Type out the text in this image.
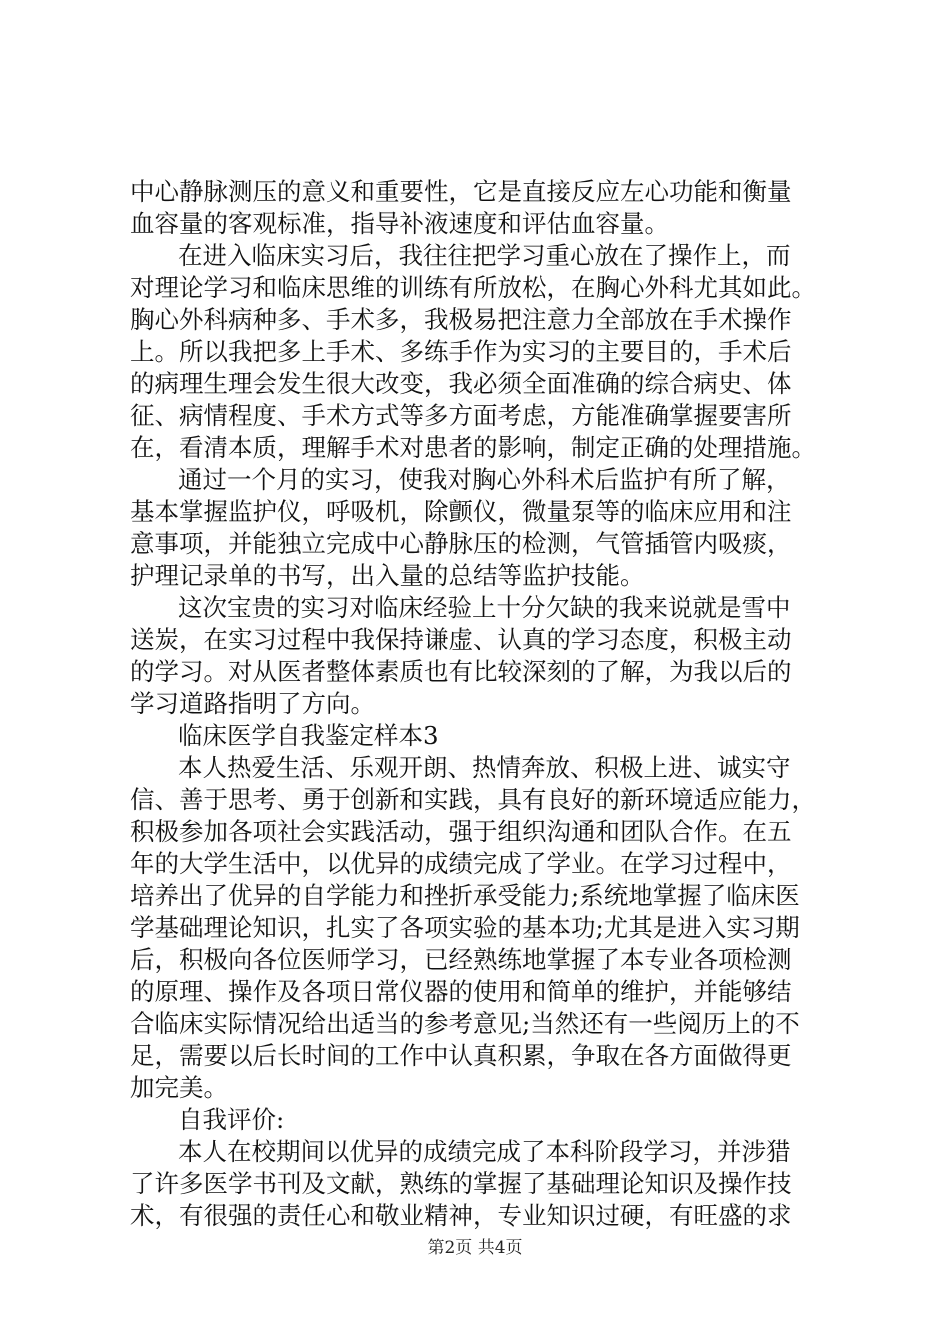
中心静脉测压的意义和重要性，它是直接反应左心功能和衡量
血容量的客观标准，指导补液速度和评估血容量。
在进入临床实习后，我往往把学习重心放在了操作上，而
对理论学习和临床思维的训练有所放松，在胸心外科尤其如此。
胸心外科病种多、手术多，我极易把注意力全部放在手术操作
上。所以我把多上手术、多练手作为实习的主要目的，手术后
的病理生理会发生很大改变，我必须全面准确的综合病史、体
征、病情程度、手术方式等多方面考虑，方能准确掌握要害所
在，看清本质，理解手术对患者的影响，制定正确的处理措施。
通过一个月的实习，使我对胸心外科术后监护有所了解，
基本掌握监护仪，呼吸机，除颤仪，微量泵等的临床应用和注
意事项，并能独立完成中心静脉压的检测，气管插管内吸痰，
护理记录单的书写，出入量的总结等监护技能。
这次宝贵的实习对临床经验上十分欠缺的我来说就是雪中
送炭，在实习过程中我保持谦虚、认真的学习态度，积极主动
的学习。对从医者整体素质也有比较深刻的了解，为我以后的
学习道路指明了方向。
临床医学自我鉴定样本3
本人热爱生活、乐观开朗、热情奔放、积极上进、诚实守
信、善于思考、勇于创新和实践，具有良好的新环境适应能力，
积极参加各项社会实践活动，强于组织沟通和团队合作。在五
年的大学生活中，以优异的成绩完成了学业。在学习过程中，
培养出了优异的自学能力和挫折承受能力;系统地掌握了临床医
学基础理论知识，扎实了各项实验的基本功;尤其是进入实习期
后，积极向各位医师学习，已经熟练地掌握了本专业各项检测
的原理、操作及各项日常仪器的使用和简单的维护，并能够结
合临床实际情况给出适当的参考意见;当然还有一些阅历上的不
足，需要以后长时间的工作中认真积累，争取在各方面做得更
加完美。
自我评价:
本人在校期间以优异的成绩完成了本科阶段学习，并涉猎
了许多医学书刊及文献，熟练的掌握了基础理论知识及操作技
术，有很强的责任心和敬业精神，专业知识过硬，有旺盛的求
第2页 共4页
